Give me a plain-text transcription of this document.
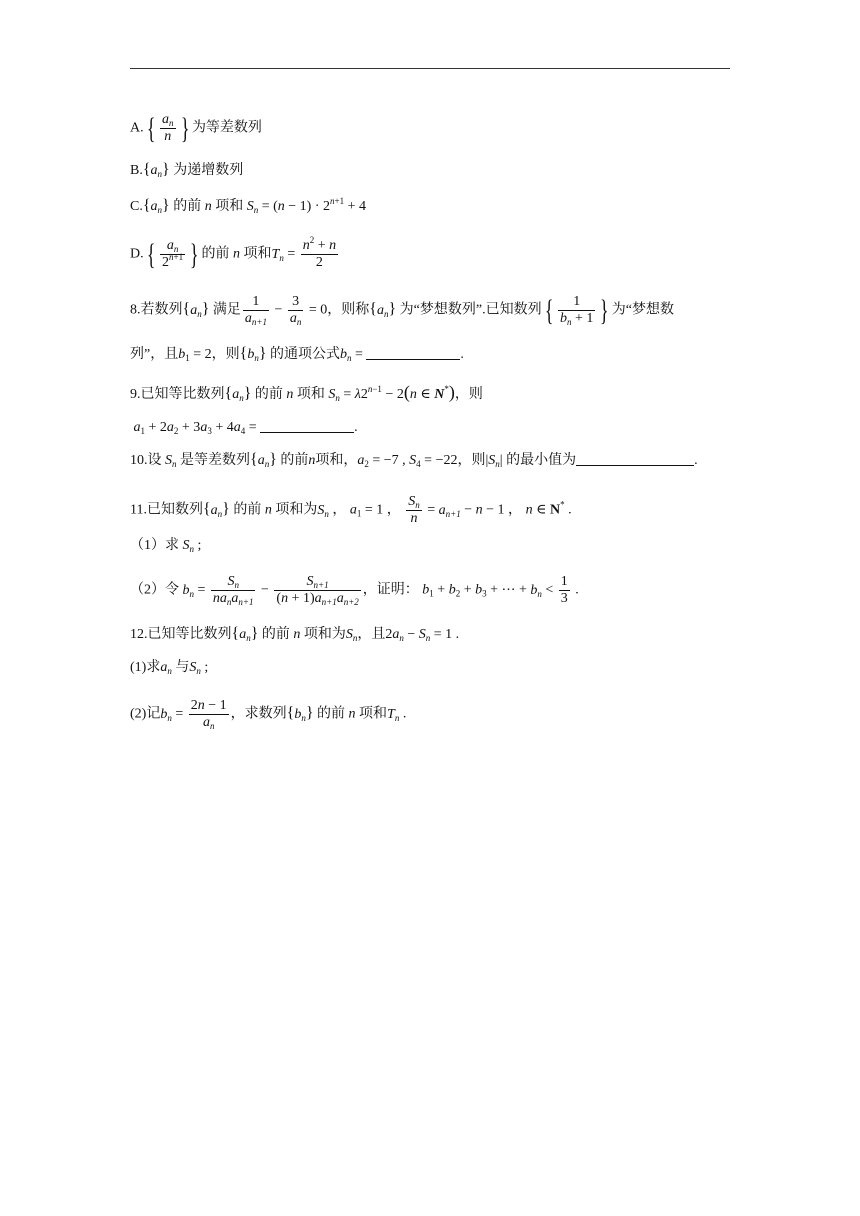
$A.\{ \frac{a_n}{n}$ } 为等差数列
$B.\{a_n\}$ 为递增数列
$C.\{a_n\}$ 的前 n 项和 $S_n = (n - 1) \cdot 2^{n+1} + 4$
$D.\{ \frac{a_n}{2^{n+1}}$ } 的前 n 项和$T_n = \frac{n^2 + n}{2}$
8.若数列$\{a_n\}$ 满足 $\frac{1}{a_{n+1}} - \frac{3}{a_n} = 0$，则称$\{a_n\}$ 为“梦想数列”.已知数列{ $\frac{1}{b_n + 1}$ } 为“梦想数
列”，且$b_1 = 2$，则$\{b_n\}$ 的通项公式$b_n$ =	.
9.已知等比数列$\{a_n\}$ 的前 n 项和 $S_n = \lambda 2^{n-1} - 2(n$ ∈ N*)，则
$a_1 + 2a_2 + 3a_3 + 4a_4$ =	.
10.设 $S_n$ 是等差数列$\{a_n\}$ 的前n项和，$a_2 = -7$ , $S_4 = -22$，则$|S_n|$ 的最小值为	.
11.已知数列$\{a_n\}$ 的前 n 项和为$S_n$ ， $a_1 = 1$ ， $\frac{S_n}{n} = a_{n+1} - n - 1$ ， n ∈ N* .
（1）求 $S_n$ ;
（2）令 $b_n = \frac{S_n}{na_na_{n+1}} - \frac{S_{n+1}}{(n + 1)a_{n+1}a_{n+2}}$ ，证明： $b_1 + b_2 + b_3$ + ⋯ + $b_n < \frac{1}{3}$ .
12.已知等比数列$\{a_n\}$ 的前 n 项和为$S_n$，且$2a_n - S_n = 1$ .
(1)求$a_n$ 与$S_n$ ;
(2)记$b_n = \frac{2n - 1}{a_n}$ ，求数列$\{b_n\}$ 的前 n 项和$T_n$ .
